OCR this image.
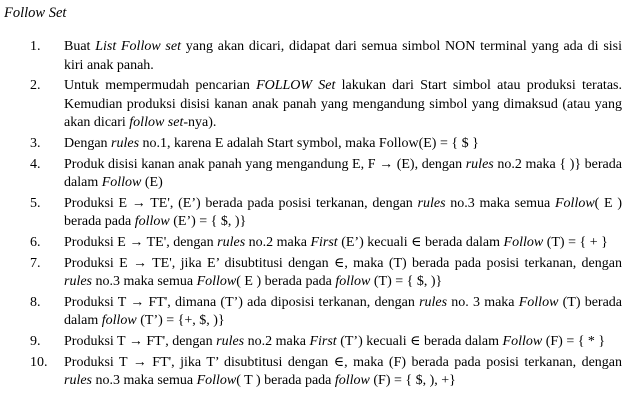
Follow Set
1.	Buat List Follow set yang akan dicari, didapat dari semua simbol NON terminal yang ada di sisi kiri anak panah.
2.	Untuk mempermudah pencarian FOLLOW Set lakukan dari Start simbol atau produksi teratas. Kemudian produksi disisi kanan anak panah yang mengandung simbol yang dimaksud (atau yang akan dicari follow set-nya).
3.	Dengan rules no.1, karena E adalah Start symbol, maka Follow(E) = { $ }
4.	Produk disisi kanan anak panah yang mengandung E, F → (E), dengan rules no.2 maka { )} berada dalam Follow (E)
5.	Produksi E → TE', (E’) berada pada posisi terkanan, dengan rules no.3 maka semua Follow( E ) berada pada follow (E’) = { $, )}
6.	Produksi E → TE', dengan rules no.2 maka First (E’) kecuali ∈ berada dalam Follow (T) = { + }
7.	Produksi E → TE', jika E’ disubtitusi dengan ∈, maka (T) berada pada posisi terkanan, dengan rules no.3 maka semua Follow( E ) berada pada follow (T) = { $, )}
8.	Produksi T → FT', dimana (T’) ada diposisi terkanan, dengan rules no. 3 maka Follow (T) berada dalam follow (T’) = {+, $, )}
9.	Produksi T → FT', dengan rules no.2 maka First (T’) kecuali ∈ berada dalam Follow (F) = { * }
10.	Produksi T → FT', jika T’ disubtitusi dengan ∈, maka (F) berada pada posisi terkanan, dengan rules no.3 maka semua Follow( T ) berada pada follow (F) = { $, ), +}
